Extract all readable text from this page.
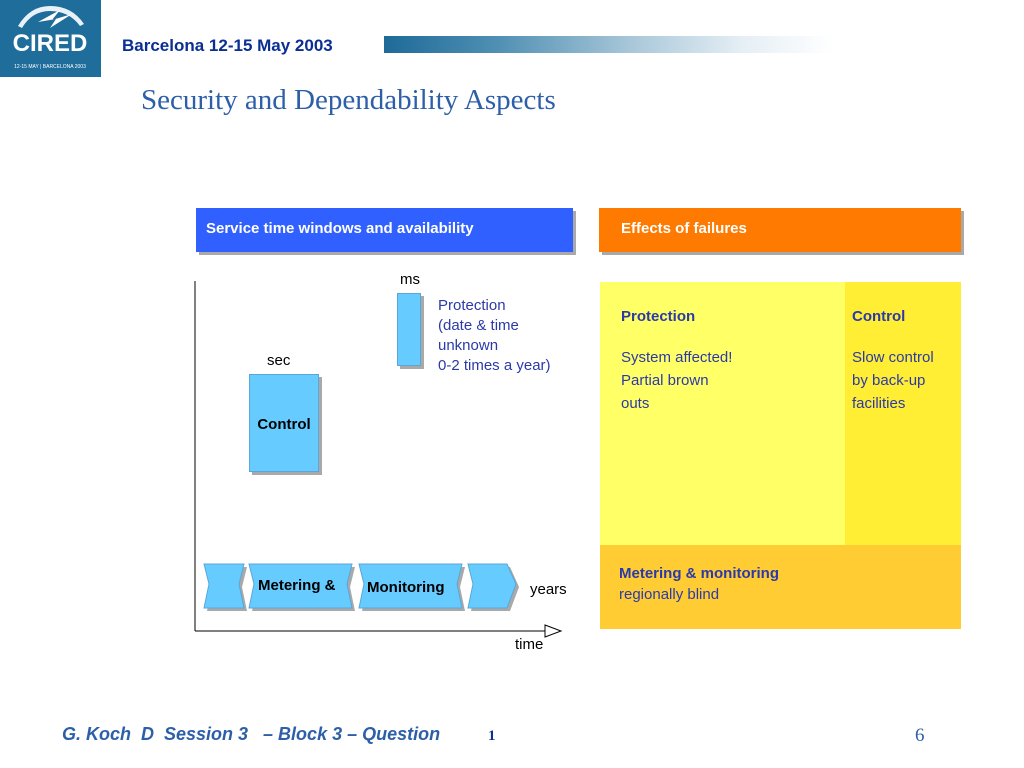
CIRED
12-15 MAY | BARCELONA 2003
Barcelona 12-15 May 2003
Security and Dependability Aspects
Service time windows and availability	Effects of failures
ms
sec
Control
Protection
(date & time
unknown
0-2 times a year)
Metering & Monitoring	years
time
Protection
System affected!
Partial brown
outs
Control
Slow control
by back-up
facilities
Metering & monitoring
regionally blind
G. Koch  D  Session 3   – Block 3 – Question	1	6
